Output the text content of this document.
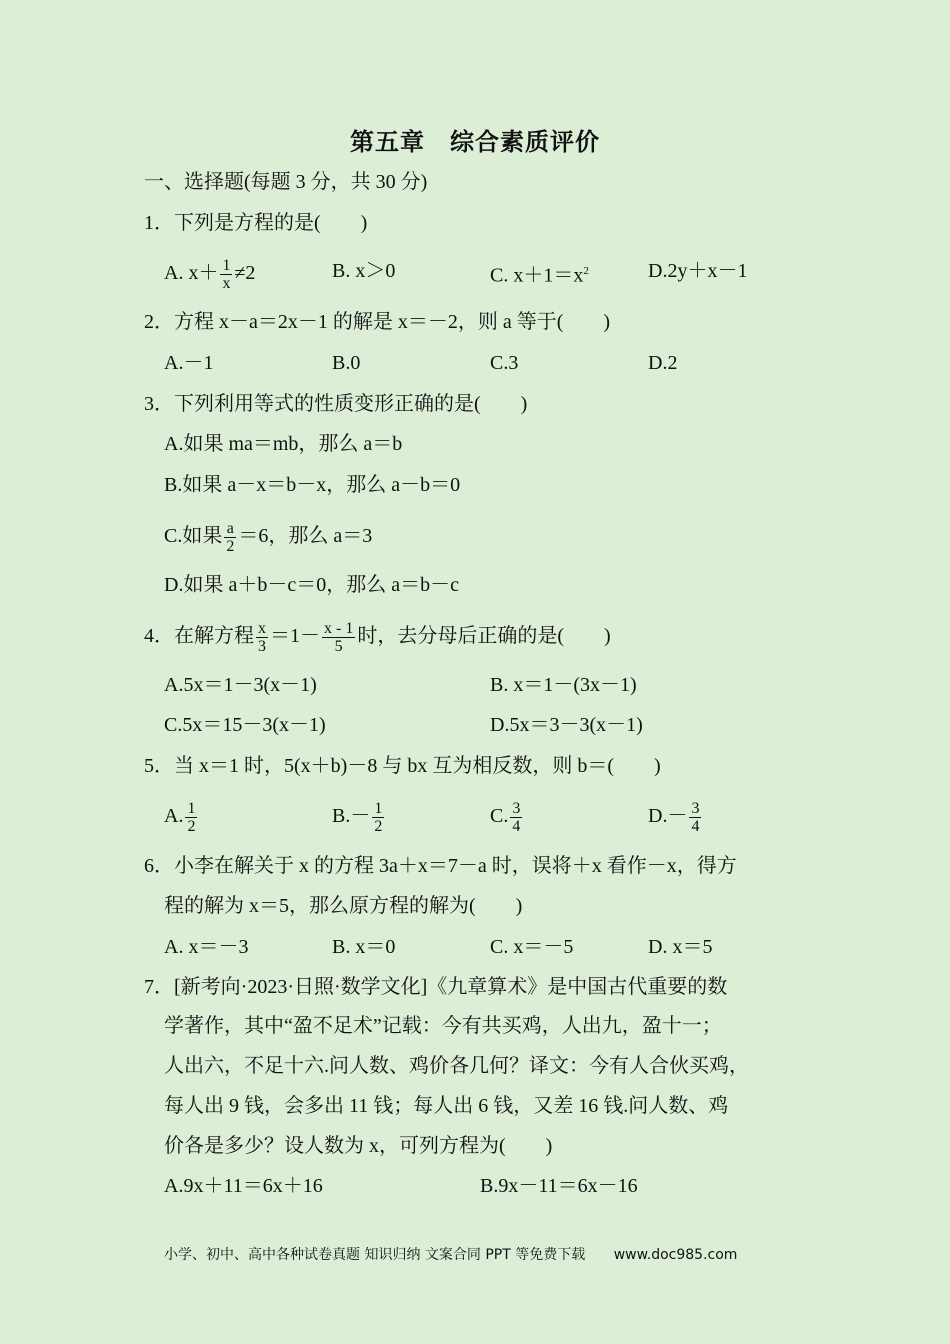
第五章　综合素质评价
一、选择题(每题 3 分，共 30 分)
1．下列是方程的是(　　)
A. $x+ \frac{1}{x} \ne 2$	B. x＞0	C. $x+1=x^2$	D.2y＋x－1
2．方程 x－a＝2x－1 的解是 x＝－2，则 a 等于(　　)
A.－1	B.0	C.3	D.2
3．下列利用等式的性质变形正确的是(　　)
A.如果 ma＝mb，那么 a＝b
B.如果 a－x＝b－x，那么 a－b＝0
C.如果 $\frac{a}{2} =6$，那么 a＝3
D.如果 a＋b－c＝0，那么 a＝b－c
4．在解方程 $\frac{x}{3} =1- \frac{x - 1}{5}$ 时，去分母后正确的是(　　)
A.5x＝1－3(x－1)	B. x＝1－(3x－1)
C.5x＝15－3(x－1)	D.5x＝3－3(x－1)
5．当 x＝1 时，5(x＋b)－8 与 bx 互为相反数，则 b＝(　　)
A. $\frac{1}{2}$	$B.- \frac{1}{2}$	C. $\frac{3}{4}$	$D.- \frac{3}{4}$
6．小李在解关于 x 的方程 3a＋x＝7－a 时，误将＋x 看作－x，得方
程的解为 x＝5，那么原方程的解为(　　)
A. x＝－3	B. x＝0	C. x＝－5	D. x＝5
7．[新考向·2023·日照·数学文化]《九章算术》是中国古代重要的数
学著作，其中“盈不足术”记载：今有共买鸡，人出九，盈十一；
人出六，不足十六.问人数、鸡价各几何？译文：今有人合伙买鸡，
每人出 9 钱，会多出 11 钱；每人出 6 钱，又差 16 钱.问人数、鸡
价各是多少？设人数为 x，可列方程为(　　)
A.9x＋11＝6x＋16	B.9x－11＝6x－16
小学、初中、高中各种试卷真题 知识归纳 文案合同 PPT 等免费下载 www.doc985.com
